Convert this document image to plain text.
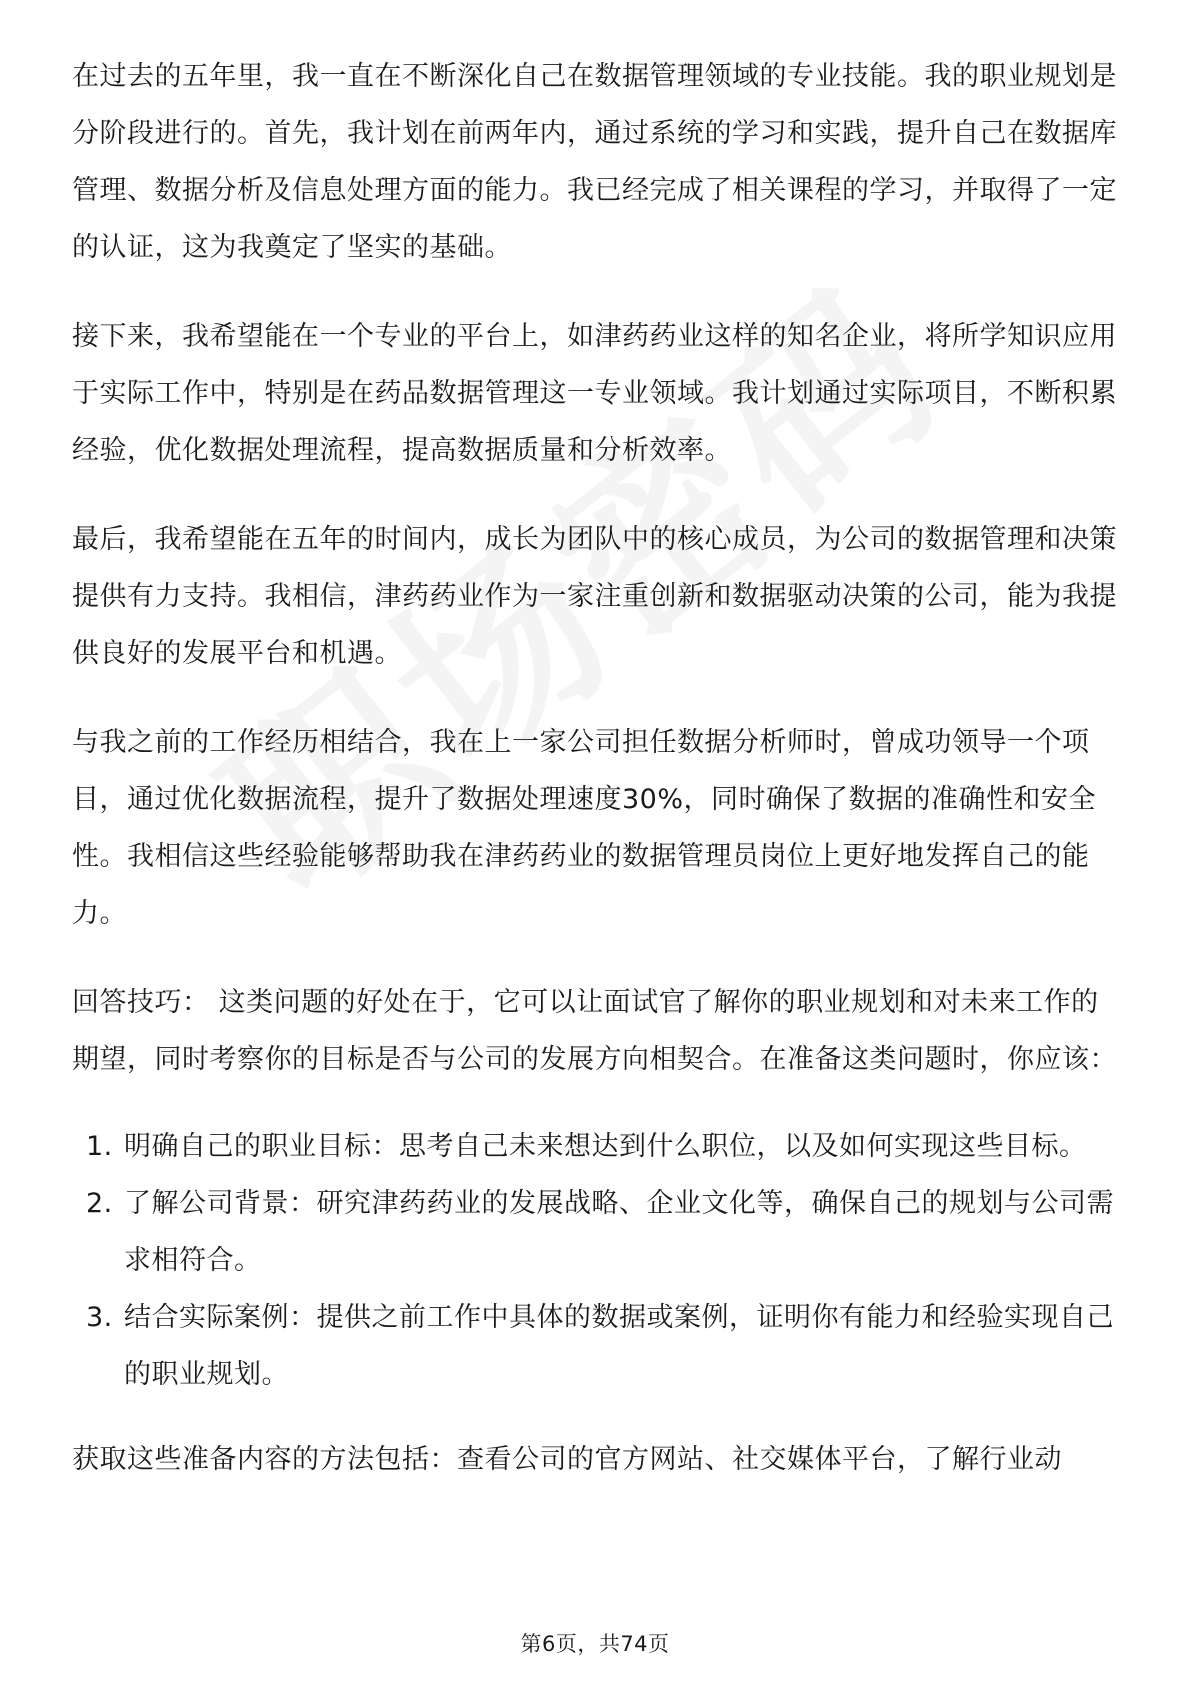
在过去的五年里，我一直在不断深化自己在数据管理领域的专业技能。我的职业规划是分阶段进行的。首先，我计划在前两年内，通过系统的学习和实践，提升自己在数据库管理、数据分析及信息处理方面的能力。我已经完成了相关课程的学习，并取得了一定的认证，这为我奠定了坚实的基础。

接下来，我希望能在一个专业的平台上，如津药药业这样的知名企业，将所学知识应用于实际工作中，特别是在药品数据管理这一专业领域。我计划通过实际项目，不断积累经验，优化数据处理流程，提高数据质量和分析效率。

最后，我希望能在五年的时间内，成长为团队中的核心成员，为公司的数据管理和决策提供有力支持。我相信，津药药业作为一家注重创新和数据驱动决策的公司，能为我提供良好的发展平台和机遇。

与我之前的工作经历相结合，我在上一家公司担任数据分析师时，曾成功领导一个项目，通过优化数据流程，提升了数据处理速度30%，同时确保了数据的准确性和安全性。我相信这些经验能够帮助我在津药药业的数据管理员岗位上更好地发挥自己的能力。

回答技巧： 这类问题的好处在于，它可以让面试官了解你的职业规划和对未来工作的期望，同时考察你的目标是否与公司的发展方向相契合。在准备这类问题时，你应该：

1. 明确自己的职业目标：思考自己未来想达到什么职位，以及如何实现这些目标。
2. 了解公司背景：研究津药药业的发展战略、企业文化等，确保自己的规划与公司需求相符合。
3. 结合实际案例：提供之前工作中具体的数据或案例，证明你有能力和经验实现自己的职业规划。

获取这些准备内容的方法包括：查看公司的官方网站、社交媒体平台，了解行业动

第6页，共74页
